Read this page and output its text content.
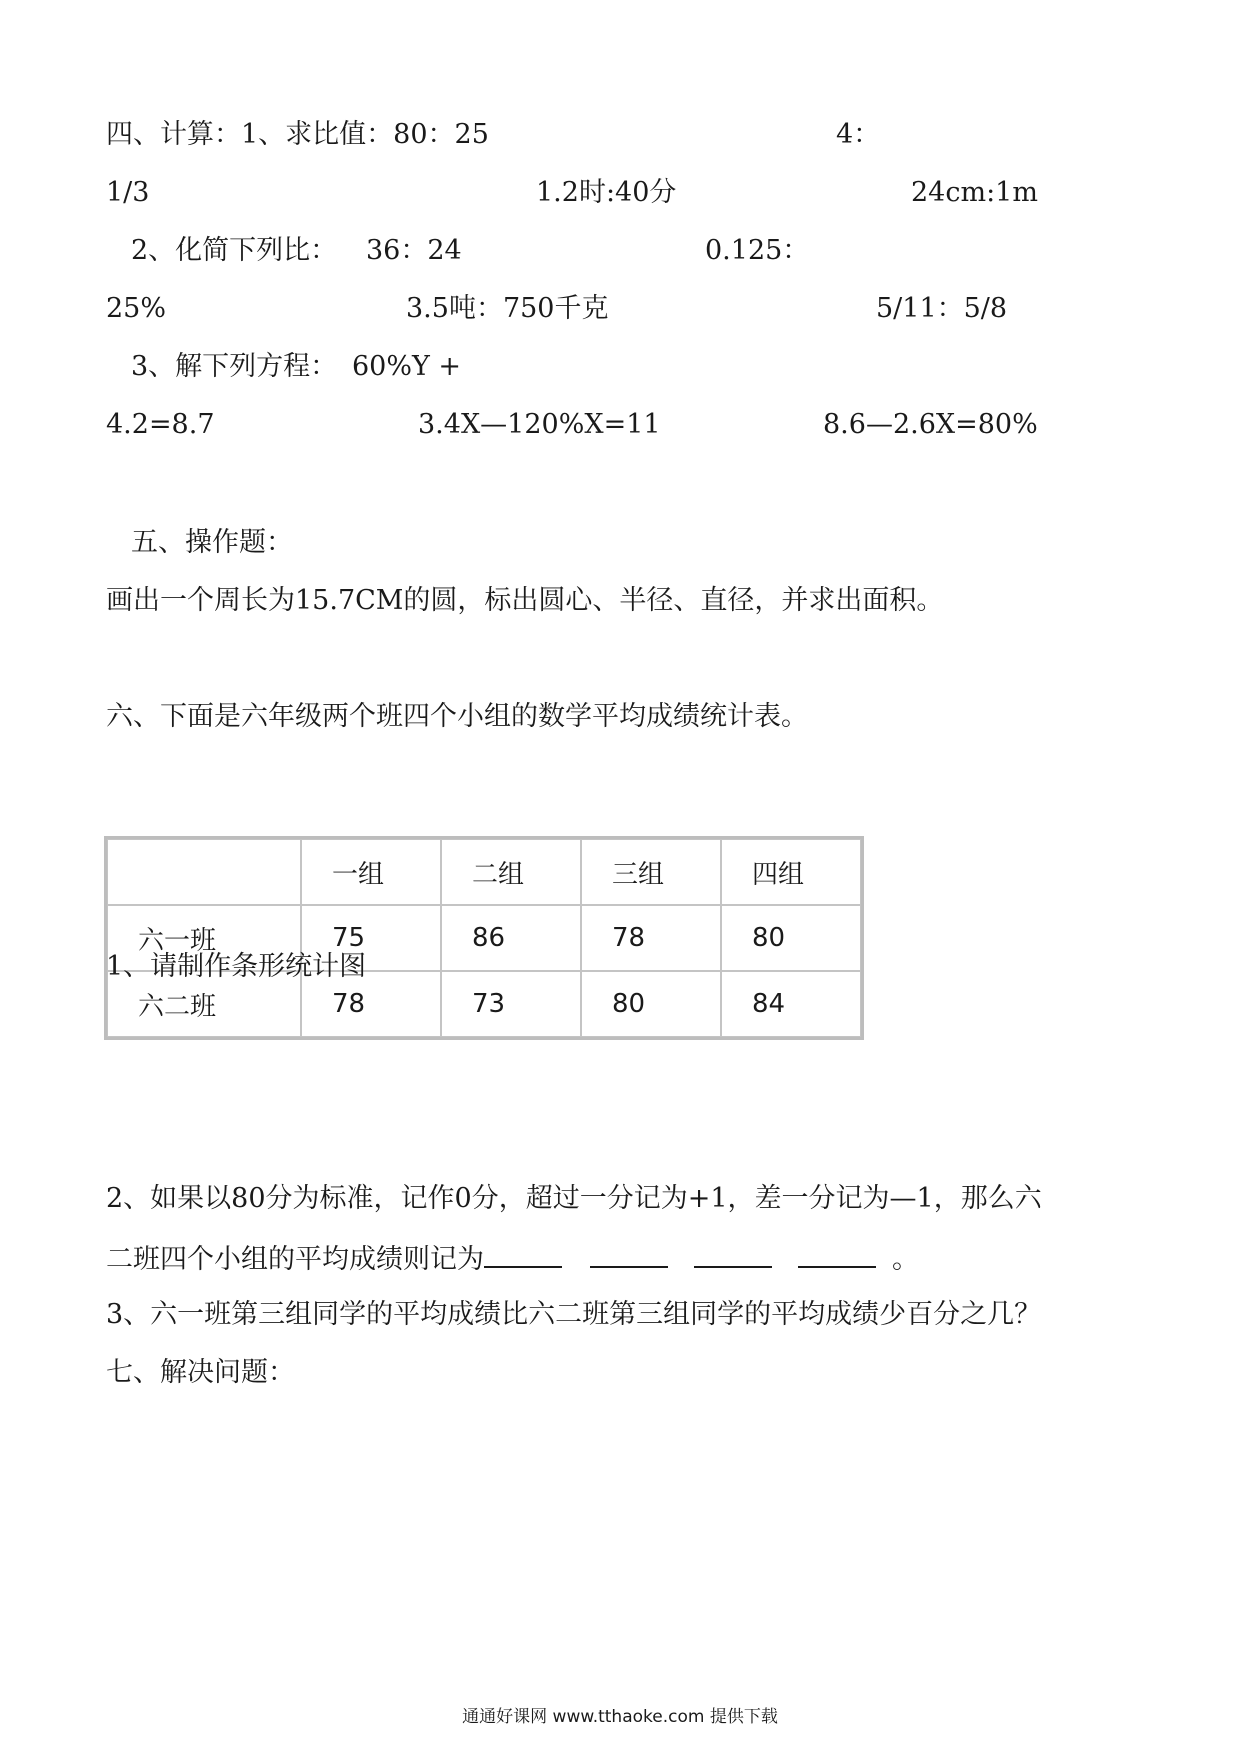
四、计算：1、求比值：80：25	4：
1/3	1.2时:40分	24cm:1m
2、化简下列比： 36：24	0.125：
25%	3.5吨：750千克	5/11：5/8
3、解下列方程： 60%Y +
4.2=8.7	3.4X—120%X=11	8.6—2.6X=80%
五、操作题：
画出一个周长为15.7CM的圆，标出圆心、半径、直径，并求出面积。
六、下面是六年级两个班四个小组的数学平均成绩统计表。
	一组	二组	三组	四组
六一班	75	86	78	80
六二班	78	73	80	84
1、请制作条形统计图
2、如果以80分为标准，记作0分，超过一分记为+1，差一分记为—1，那么六
二班四个小组的平均成绩则记为	。
3、六一班第三组同学的平均成绩比六二班第三组同学的平均成绩少百分之几？
七、解决问题：
通通好课网 www.tthaoke.com 提供下载
